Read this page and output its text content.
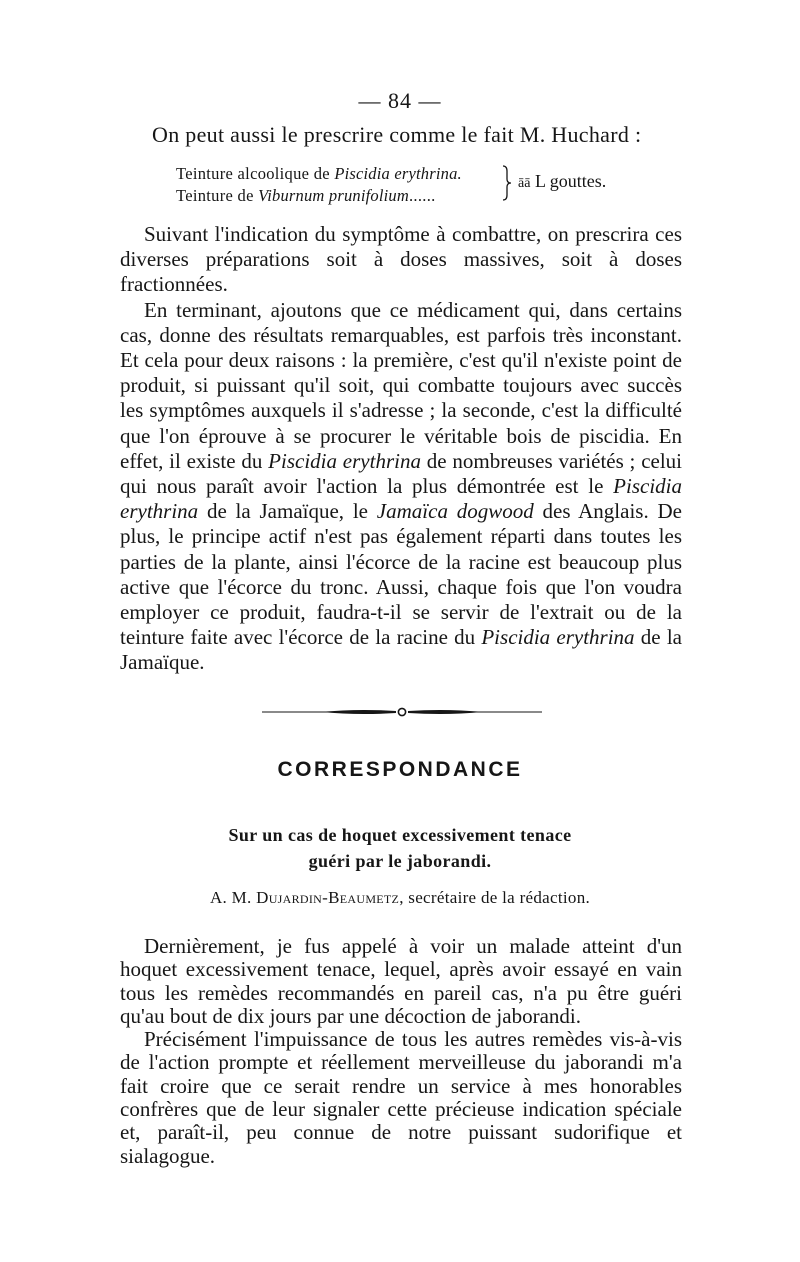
— 84 —
On peut aussi le prescrire comme le fait M. Huchard :
Teinture alcoolique de Piscidia erythrina.
Teinture de Viburnum prunifolium......
āā L gouttes.

Suivant l'indication du symptôme à combattre, on prescrira ces diverses préparations soit à doses massives, soit à doses fractionnées.

En terminant, ajoutons que ce médicament qui, dans certains cas, donne des résultats remarquables, est parfois très inconstant. Et cela pour deux raisons : la première, c'est qu'il n'existe point de produit, si puissant qu'il soit, qui combatte toujours avec succès les symptômes auxquels il s'adresse ; la seconde, c'est la difficulté que l'on éprouve à se procurer le véritable bois de piscidia. En effet, il existe du Piscidia erythrina de nombreuses variétés ; celui qui nous paraît avoir l'action la plus démontrée est le Piscidia erythrina de la Jamaïque, le Jamaïca dogwood des Anglais. De plus, le principe actif n'est pas également réparti dans toutes les parties de la plante, ainsi l'écorce de la racine est beaucoup plus active que l'écorce du tronc. Aussi, chaque fois que l'on voudra employer ce produit, faudra-t-il se servir de l'extrait ou de la teinture faite avec l'écorce de la racine du Piscidia erythrina de la Jamaïque.

CORRESPONDANCE
Sur un cas de hoquet excessivement tenace
guéri par le jaborandi.
A. M. Dujardin-Beaumetz, secrétaire de la rédaction.

Dernièrement, je fus appelé à voir un malade atteint d'un hoquet excessivement tenace, lequel, après avoir essayé en vain tous les remèdes recommandés en pareil cas, n'a pu être guéri qu'au bout de dix jours par une décoction de jaborandi.

Précisément l'impuissance de tous les autres remèdes vis-à-vis de l'action prompte et réellement merveilleuse du jaborandi m'a fait croire que ce serait rendre un service à mes honorables confrères que de leur signaler cette précieuse indication spéciale et, paraît-il, peu connue de notre puissant sudorifique et sialagogue.
